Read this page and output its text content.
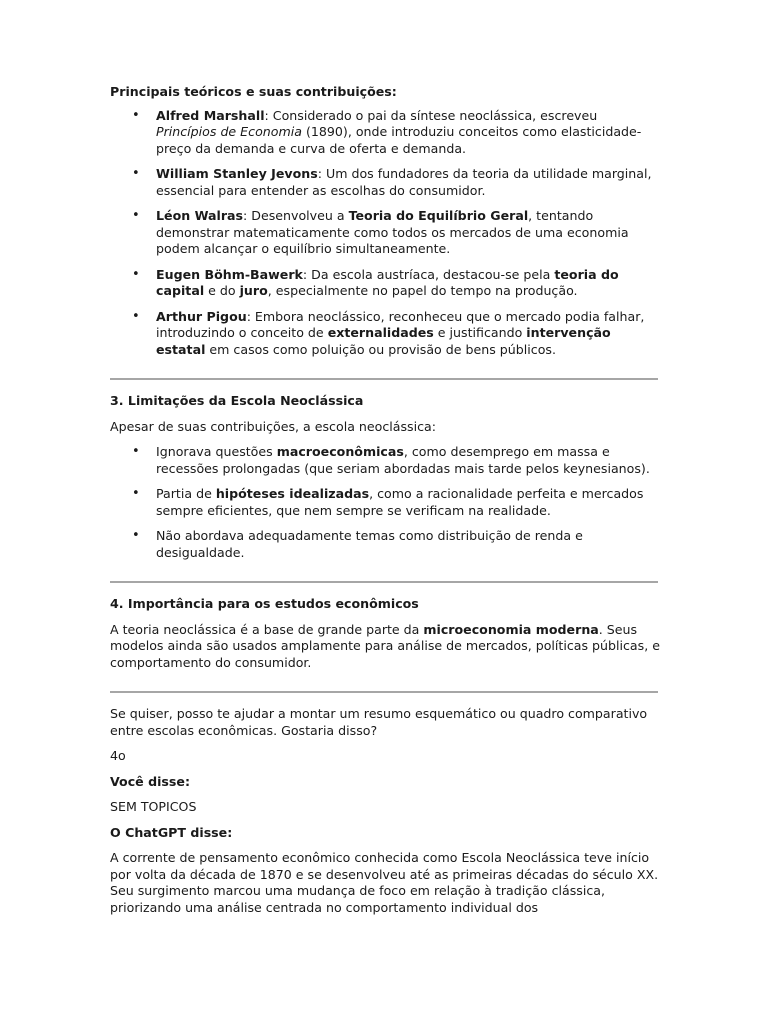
Principais teóricos e suas contribuições:

• Alfred Marshall: Considerado o pai da síntese neoclássica, escreveu Princípios de Economia (1890), onde introduziu conceitos como elasticidade-preço da demanda e curva de oferta e demanda.
• William Stanley Jevons: Um dos fundadores da teoria da utilidade marginal, essencial para entender as escolhas do consumidor.
• Léon Walras: Desenvolveu a Teoria do Equilíbrio Geral, tentando demonstrar matematicamente como todos os mercados de uma economia podem alcançar o equilíbrio simultaneamente.
• Eugen Böhm-Bawerk: Da escola austríaca, destacou-se pela teoria do capital e do juro, especialmente no papel do tempo na produção.
• Arthur Pigou: Embora neoclássico, reconheceu que o mercado podia falhar, introduzindo o conceito de externalidades e justificando intervenção estatal em casos como poluição ou provisão de bens públicos.

3. Limitações da Escola Neoclássica

Apesar de suas contribuições, a escola neoclássica:

• Ignorava questões macroeconômicas, como desemprego em massa e recessões prolongadas (que seriam abordadas mais tarde pelos keynesianos).
• Partia de hipóteses idealizadas, como a racionalidade perfeita e mercados sempre eficientes, que nem sempre se verificam na realidade.
• Não abordava adequadamente temas como distribuição de renda e desigualdade.

4. Importância para os estudos econômicos

A teoria neoclássica é a base de grande parte da microeconomia moderna. Seus modelos ainda são usados amplamente para análise de mercados, políticas públicas, e comportamento do consumidor.

Se quiser, posso te ajudar a montar um resumo esquemático ou quadro comparativo entre escolas econômicas. Gostaria disso?

4o

Você disse:

SEM TOPICOS

O ChatGPT disse:

A corrente de pensamento econômico conhecida como Escola Neoclássica teve início por volta da década de 1870 e se desenvolveu até as primeiras décadas do século XX. Seu surgimento marcou uma mudança de foco em relação à tradição clássica, priorizando uma análise centrada no comportamento individual dos
